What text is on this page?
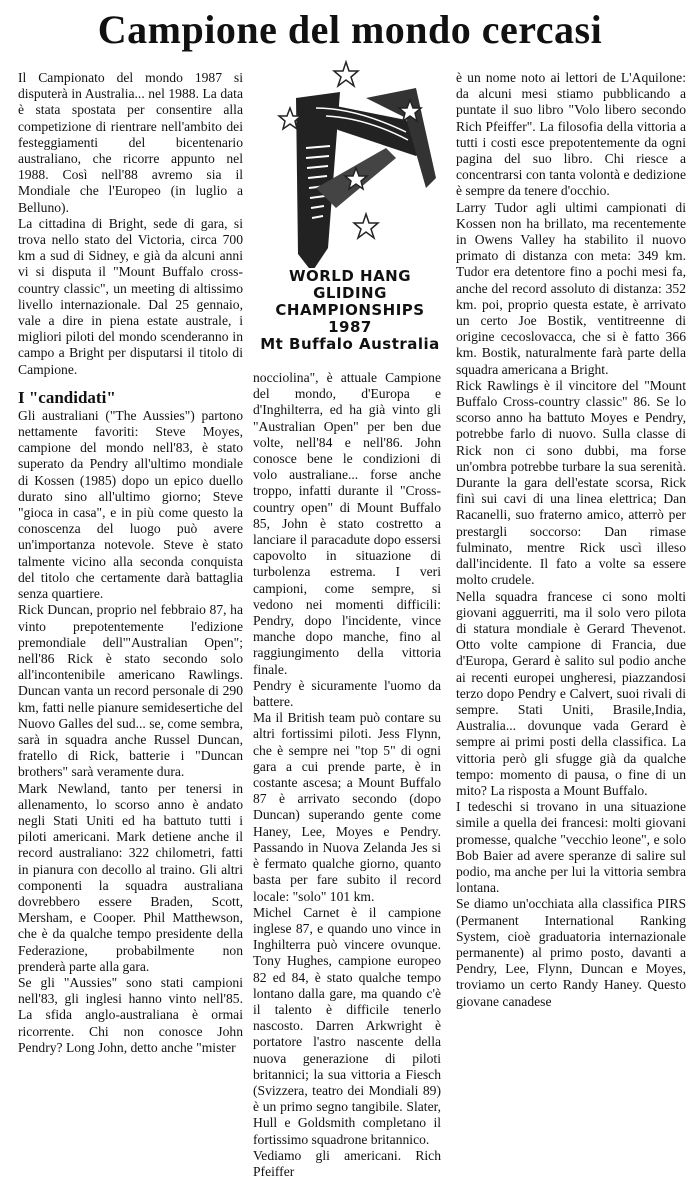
Campione del mondo cercasi

Il Campionato del mondo 1987 si disputerà in Australia... nel 1988. La data è stata spostata per consentire alla competizione di rientrare nell'ambito dei festeggiamenti del bicentenario australiano, che ricorre appunto nel 1988. Così nell'88 avremo sia il Mondiale che l'Europeo (in luglio a Belluno).

La cittadina di Bright, sede di gara, si trova nello stato del Victoria, circa 700 km a sud di Sidney, e già da alcuni anni vi si disputa il "Mount Buffalo cross-country classic", un meeting di altissimo livello internazionale. Dal 25 gennaio, vale a dire in piena estate australe, i migliori piloti del mondo scenderanno in campo a Bright per disputarsi il titolo di Campione.

I "candidati"

Gli australiani ("The Aussies") partono nettamente favoriti: Steve Moyes, campione del mondo nell'83, è stato superato da Pendry all'ultimo mondiale di Kossen (1985) dopo un epico duello durato sino all'ultimo giorno; Steve "gioca in casa", e in più come questo la conoscenza del luogo può avere un'importanza notevole. Steve è stato talmente vicino alla seconda conquista del titolo che certamente darà battaglia senza quartiere.

Rick Duncan, proprio nel febbraio 87, ha vinto prepotentemente l'edizione premondiale dell'"Australian Open"; nell'86 Rick è stato secondo solo all'incontenibile americano Rawlings. Duncan vanta un record personale di 290 km, fatti nelle pianure semidesertiche del Nuovo Galles del sud... se, come sembra, sarà in squadra anche Russel Duncan, fratello di Rick, batterie i "Duncan brothers" sarà veramente dura.

Mark Newland, tanto per tenersi in allenamento, lo scorso anno è andato negli Stati Uniti ed ha battuto tutti i piloti americani. Mark detiene anche il record australiano: 322 chilometri, fatti in pianura con decollo al traino. Gli altri componenti la squadra australiana dovrebbero essere Braden, Scott, Mersham, e Cooper. Phil Matthewson, che è da qualche tempo presidente della Federazione, probabilmente non prenderà parte alla gara.

Se gli "Aussies" sono stati campioni nell'83, gli inglesi hanno vinto nell'85. La sfida anglo-australiana è ormai ricorrente. Chi non conosce John Pendry? Long John, detto anche "mister

WORLD HANG GLIDING
CHAMPIONSHIPS 1987
Mt Buffalo Australia

nocciolina", è attuale Campione del mondo, d'Europa e d'Inghilterra, ed ha già vinto gli "Australian Open" per ben due volte, nell'84 e nell'86. John conosce bene le condizioni di volo australiane... forse anche troppo, infatti durante il "Cross-country open" di Mount Buffalo 85, John è stato costretto a lanciare il paracadute dopo essersi capovolto in situazione di turbolenza estrema. I veri campioni, come sempre, si vedono nei momenti difficili: Pendry, dopo l'incidente, vince manche dopo manche, fino al raggiungimento della vittoria finale.

Pendry è sicuramente l'uomo da battere.

Ma il British team può contare su altri fortissimi piloti. Jess Flynn, che è sempre nei "top 5" di ogni gara a cui prende parte, è in costante ascesa; a Mount Buffalo 87 è arrivato secondo (dopo Duncan) superando gente come Haney, Lee, Moyes e Pendry. Passando in Nuova Zelanda Jes si è fermato qualche giorno, quanto basta per fare subito il record locale: "solo" 101 km.

Michel Carnet è il campione inglese 87, e quando uno vince in Inghilterra può vincere ovunque. Tony Hughes, campione europeo 82 ed 84, è stato qualche tempo lontano dalla gare, ma quando c'è il talento è difficile tenerlo nascosto. Darren Arkwright è portatore l'astro nascente della nuova generazione di piloti britannici; la sua vittoria a Fiesch (Svizzera, teatro dei Mondiali 89) è un primo segno tangibile. Slater, Hull e Goldsmith completano il fortissimo squadrone britannico.

Vediamo gli americani. Rich Pfeiffer

è un nome noto ai lettori de L'Aquilone: da alcuni mesi stiamo pubblicando a puntate il suo libro "Volo libero secondo Rich Pfeiffer". La filosofia della vittoria a tutti i costi esce prepotentemente da ogni pagina del suo libro. Chi riesce a concentrarsi con tanta volontà e dedizione è sempre da tenere d'occhio.

Larry Tudor agli ultimi campionati di Kossen non ha brillato, ma recentemente in Owens Valley ha stabilito il nuovo primato di distanza con meta: 349 km. Tudor era detentore fino a pochi mesi fa, anche del record assoluto di distanza: 352 km. poi, proprio questa estate, è arrivato un certo Joe Bostik, ventitreenne di origine cecoslovacca, che si è fatto 366 km. Bostik, naturalmente farà parte della squadra americana a Bright.

Rick Rawlings è il vincitore del "Mount Buffalo Cross-country classic" 86. Se lo scorso anno ha battuto Moyes e Pendry, potrebbe farlo di nuovo. Sulla classe di Rick non ci sono dubbi, ma forse un'ombra potrebbe turbare la sua serenità. Durante la gara dell'estate scorsa, Rick finì sui cavi di una linea elettrica; Dan Racanelli, suo fraterno amico, atterrò per prestargli soccorso: Dan rimase fulminato, mentre Rick uscì illeso dall'incidente. Il fato a volte sa essere molto crudele.

Nella squadra francese ci sono molti giovani agguerriti, ma il solo vero pilota di statura mondiale è Gerard Thevenot. Otto volte campione di Francia, due d'Europa, Gerard è salito sul podio anche ai recenti europei ungheresi, piazzandosi terzo dopo Pendry e Calvert, suoi rivali di sempre. Stati Uniti, Brasile,India, Australia... dovunque vada Gerard è sempre ai primi posti della classifica. La vittoria però gli sfugge già da qualche tempo: momento di pausa, o fine di un mito? La risposta a Mount Buffalo.

I tedeschi si trovano in una situazione simile a quella dei francesi: molti giovani promesse, qualche "vecchio leone", e solo Bob Baier ad avere speranze di salire sul podio, ma anche per lui la vittoria sembra lontana.

Se diamo un'occhiata alla classifica PIRS (Permanent International Ranking System, cioè graduatoria internazionale permanente) al primo posto, davanti a Pendry, Lee, Flynn, Duncan e Moyes, troviamo un certo Randy Haney. Questo giovane canadese
